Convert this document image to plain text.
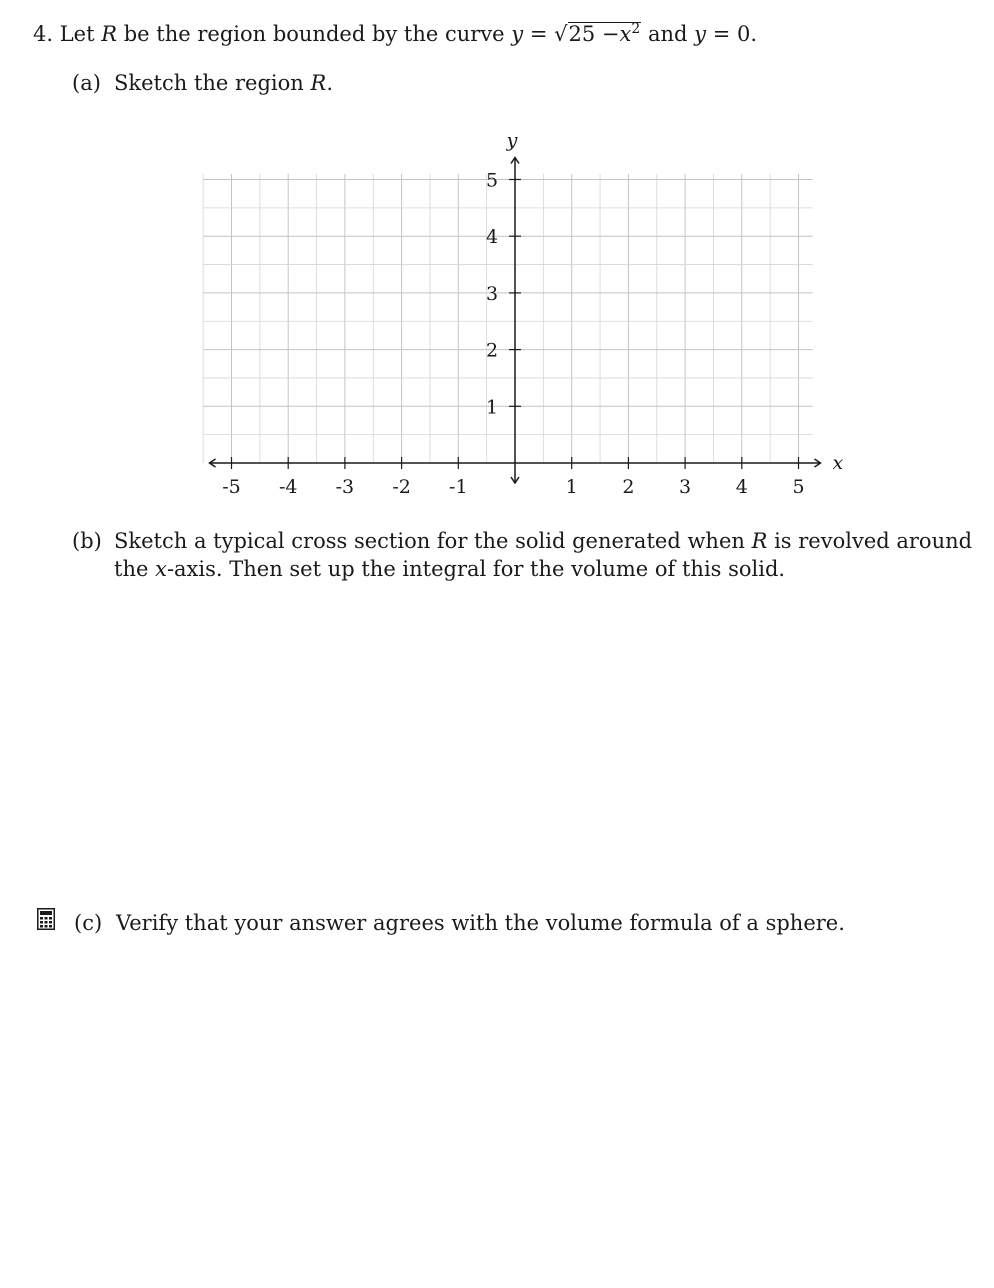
4. Let R be the region bounded by the curve $y = √25 -x^2$ and y = 0.
(a) Sketch the region R.
-5 -4 -3 -2 -1	1 2 3 4 5
1
2
3
4
5
x
y
(b) Sketch a typical cross section for the solid generated when R is revolved around
the x-axis. Then set up the integral for the volume of this solid.
(c) Verify that your answer agrees with the volume formula of a sphere.
